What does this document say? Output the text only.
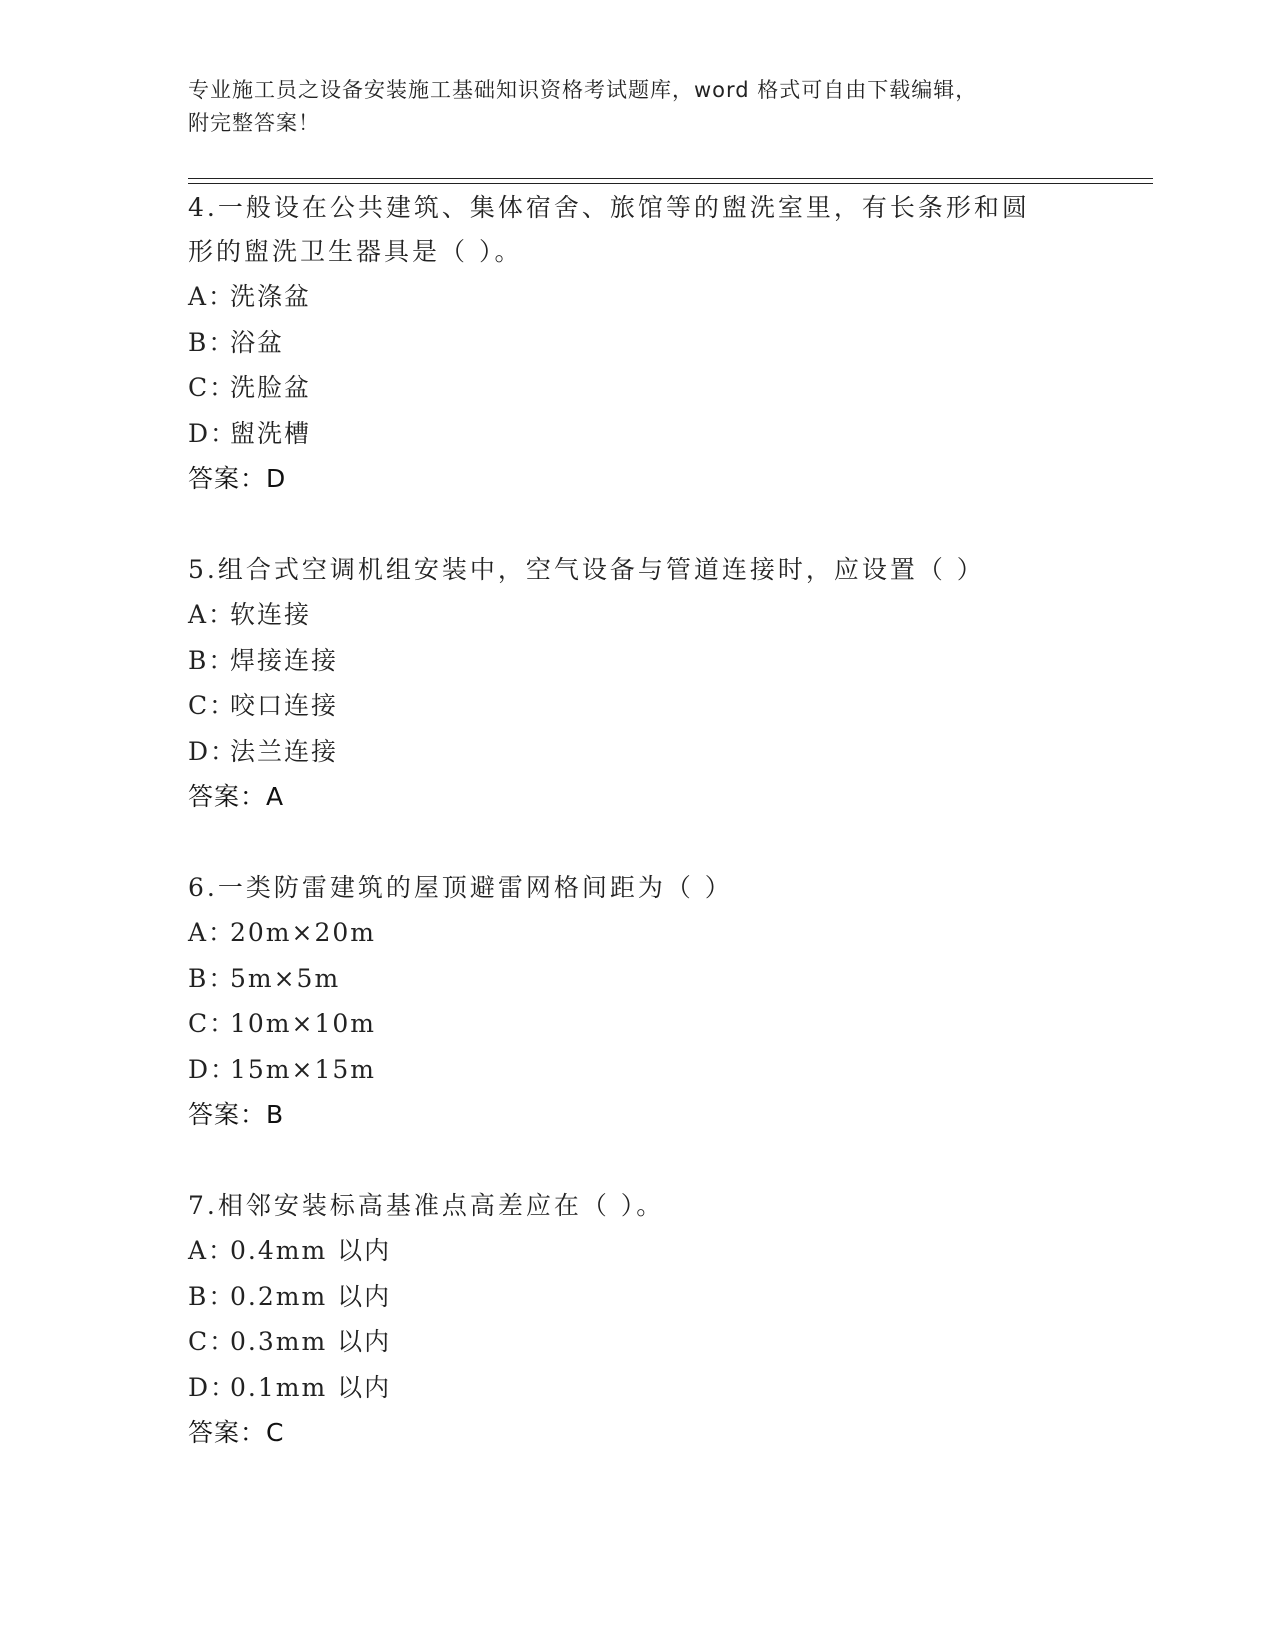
专业施工员之设备安装施工基础知识资格考试题库，word 格式可自由下载编辑，
附完整答案！
4.一般设在公共建筑、集体宿舍、旅馆等的盥洗室里，有长条形和圆
形的盥洗卫生器具是（ ）。
A：洗涤盆
B：浴盆
C：洗脸盆
D：盥洗槽
答案：D
5.组合式空调机组安装中，空气设备与管道连接时，应设置（ ）
A：软连接
B：焊接连接
C：咬口连接
D：法兰连接
答案：A
6.一类防雷建筑的屋顶避雷网格间距为（ ）
A：20m×20m
B：5m×5m
C：10m×10m
D：15m×15m
答案：B
7.相邻安装标高基准点高差应在（ ）。
A：0.4mm 以内
B：0.2mm 以内
C：0.3mm 以内
D：0.1mm 以内
答案：C
